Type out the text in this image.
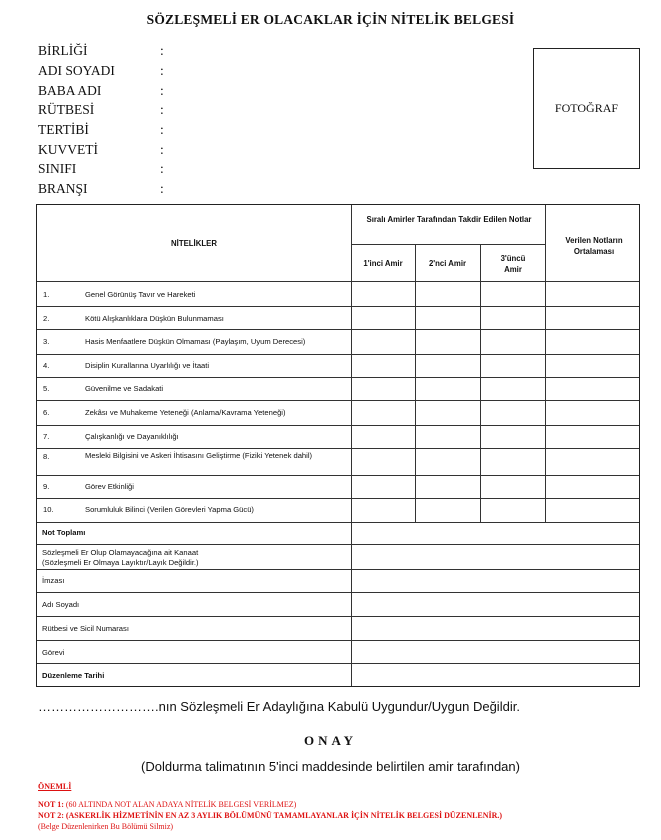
SÖZLEŞMELİ ER OLACAKLAR İÇİN NİTELİK BELGESİ
BİRLİĞİ	:
ADI SOYADI	:
BABA ADI	:
RÜTBESİ	:
TERTİBİ	:
KUVVETİ	:
SINIFI	:
BRANŞI	:
FOTOĞRAF
NİTELİKLER
Sıralı Amirler Tarafından Takdir Edilen Notlar
1'inci Amir	2'nci Amir
3'üncü Amir
Verilen Notların Ortalaması
1.	Genel Görünüş Tavır ve Hareketi
2.	Kötü Alışkanlıklara Düşkün Bulunmaması
3.	Hasis Menfaatlere Düşkün Olmaması (Paylaşım, Uyum Derecesi)
4.	Disiplin Kurallarına Uyarlılığı ve İtaati
5.	Güvenilme ve Sadakati
6.	Zekâsı ve Muhakeme Yeteneği (Anlama/Kavrama Yeteneği)
7.	Çalışkanlığı ve Dayanıklılığı
8.	Mesleki Bilgisini ve Askeri İhtisasını Geliştirme (Fiziki Yetenek dahil)
9.	Görev Etkinliği
10.	Sorumluluk Bilinci (Verilen Görevleri Yapma Gücü)
Not Toplamı
Sözleşmeli Er Olup Olamayacağına ait Kanaat
(Sözleşmeli Er Olmaya Layıktır/Layık Değildir.)
İmzası
Adı Soyadı
Rütbesi ve Sicil Numarası
Görevi
Düzenleme Tarihi
……………………….nın Sözleşmeli Er Adaylığına Kabulü Uygundur/Uygun Değildir.
ONAY
(Doldurma talimatının 5'inci maddesinde belirtilen amir tarafından)
ÖNEMLİ
NOT 1: (60 ALTINDA NOT ALAN ADAYA NİTELİK BELGESİ VERİLMEZ)
NOT 2: (ASKERLİK HİZMETİNİN EN AZ 3 AYLIK BÖLÜMÜNÜ TAMAMLAYANLAR İÇİN NİTELİK BELGESİ DÜZENLENİR.)
(Belge Düzenlenirken Bu Bölümü Silmiz)
